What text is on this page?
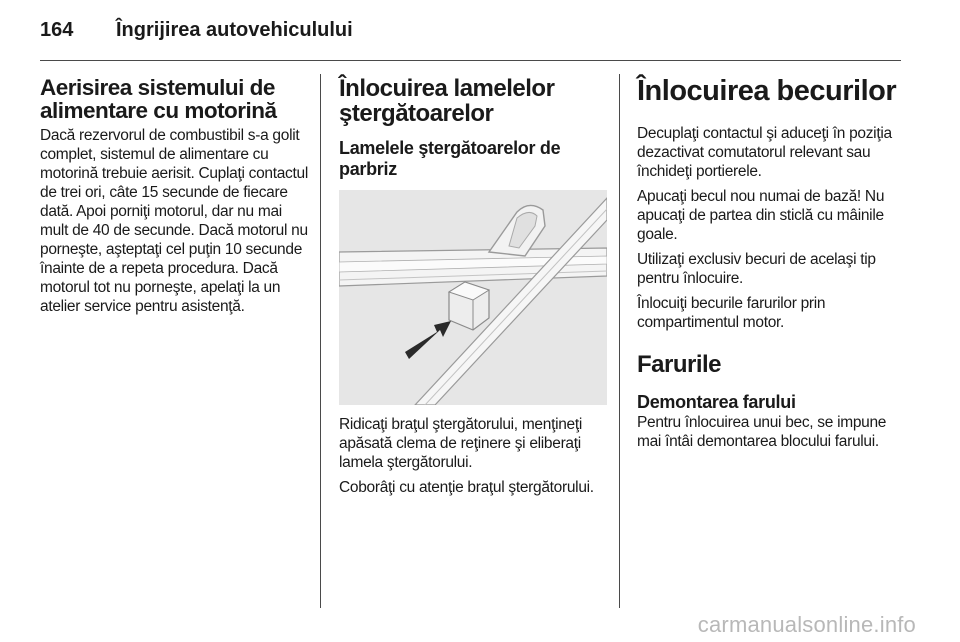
164	Îngrijirea autovehiculului
Aerisirea sistemului de alimentare cu motorină

Dacă rezervorul de combustibil s-a golit complet, sistemul de alimentare cu motorină trebuie aerisit. Cuplaţi contactul de trei ori, câte 15 secunde de fiecare dată. Apoi porniţi motorul, dar nu mai mult de 40 de secunde. Dacă motorul nu porneşte, aşteptaţi cel puţin 10 secunde înainte de a repeta procedura. Dacă motorul tot nu porneşte, apelaţi la un atelier service pentru asistenţă.

Înlocuirea lamelelor ştergătoarelor
Lamelele ştergătoarelor de parbriz

Ridicaţi braţul ştergătorului, menţineţi apăsată clema de reţinere şi eliberaţi lamela ştergătorului.

Coborâţi cu atenţie braţul ştergătorului.

Înlocuirea becurilor

Decuplaţi contactul şi aduceţi în poziţia dezactivat comutatorul relevant sau închideţi portierele.

Apucaţi becul nou numai de bază! Nu apucaţi de partea din sticlă cu mâinile goale.

Utilizaţi exclusiv becuri de acelaşi tip pentru înlocuire.

Înlocuiţi becurile farurilor prin compartimentul motor.

Farurile
Demontarea farului

Pentru înlocuirea unui bec, se impune mai întâi demontarea blocului farului.

carmanualsonline.info
